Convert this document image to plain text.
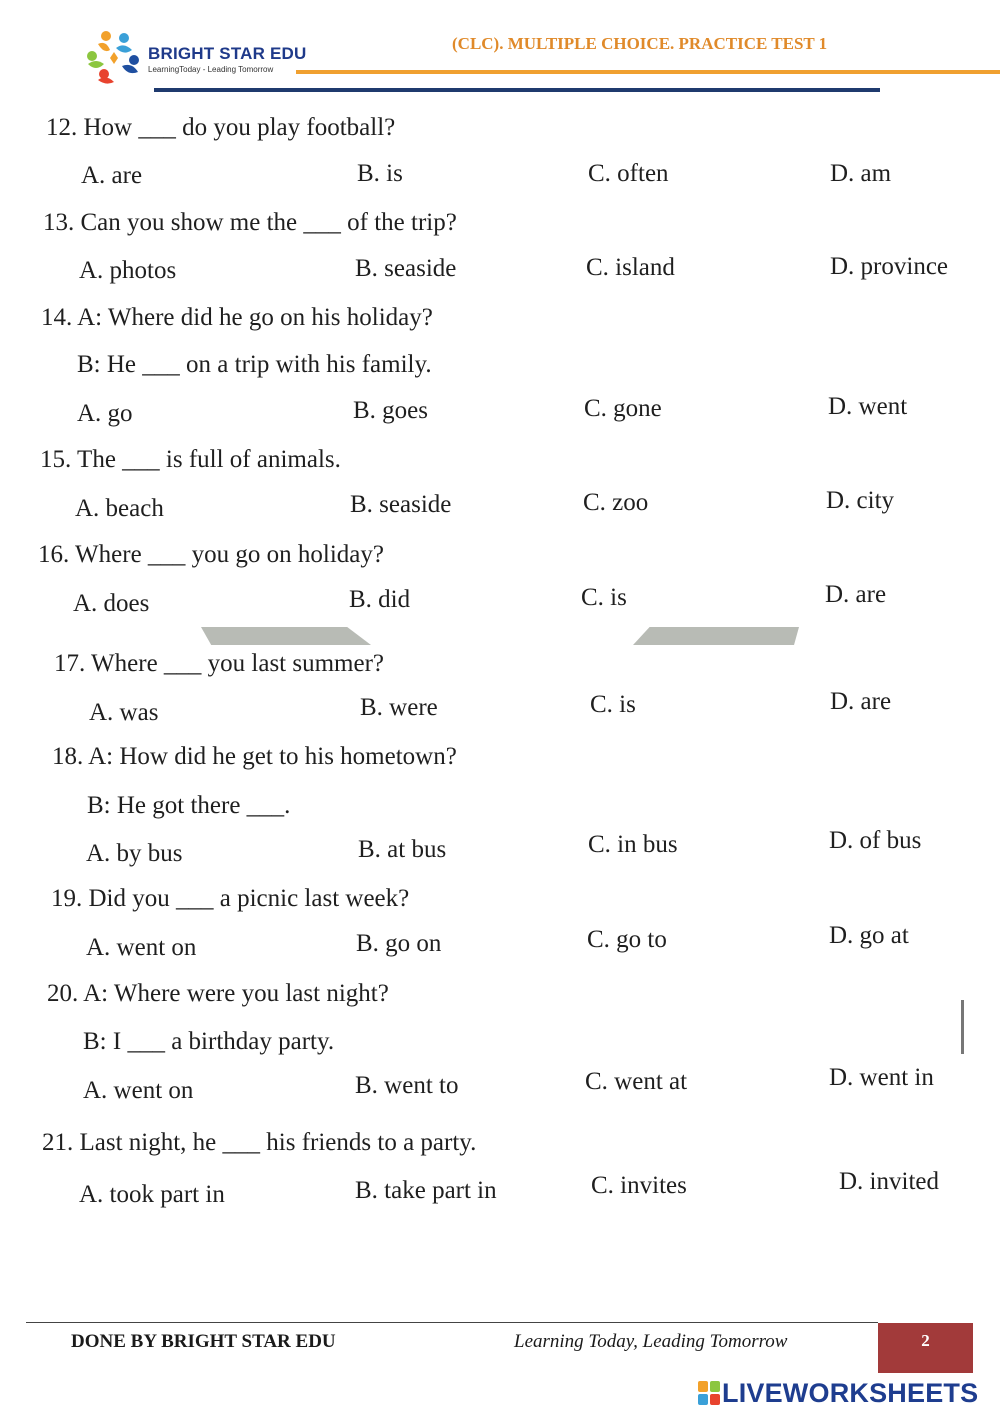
BRIGHT STAR EDU
LearningToday - Leading Tomorrow
(CLC). MULTIPLE CHOICE. PRACTICE TEST 1
12. How ___ do you play football?
A. are	B. is	C. often	D. am
13. Can you show me the ___ of the trip?
A. photos	B. seaside	C. island	D. province
14. A: Where did he go on his holiday?
B: He ___ on a trip with his family.
A. go	B. goes	C. gone	D. went
15. The ___ is full of animals.
A. beach	B. seaside	C. zoo	D. city
16. Where ___ you go on holiday?
A. does	B. did	C. is	D. are
17. Where ___ you last summer?
A. was	B. were	C. is	D. are
18. A: How did he get to his hometown?
B: He got there ___.
A. by bus	B. at bus	C. in bus	D. of bus
19. Did you ___ a picnic last week?
A. went on	B. go on	C. go to	D. go at
20. A: Where were you last night?
B: I ___ a birthday party.
A. went on	B. went to	C. went at	D. went in
21. Last night, he ___ his friends to a party.
A. took part in	B. take part in	C. invites	D. invited
DONE BY BRIGHT STAR EDU	Learning Today, Leading Tomorrow	2
LIVEWORKSHEETS
